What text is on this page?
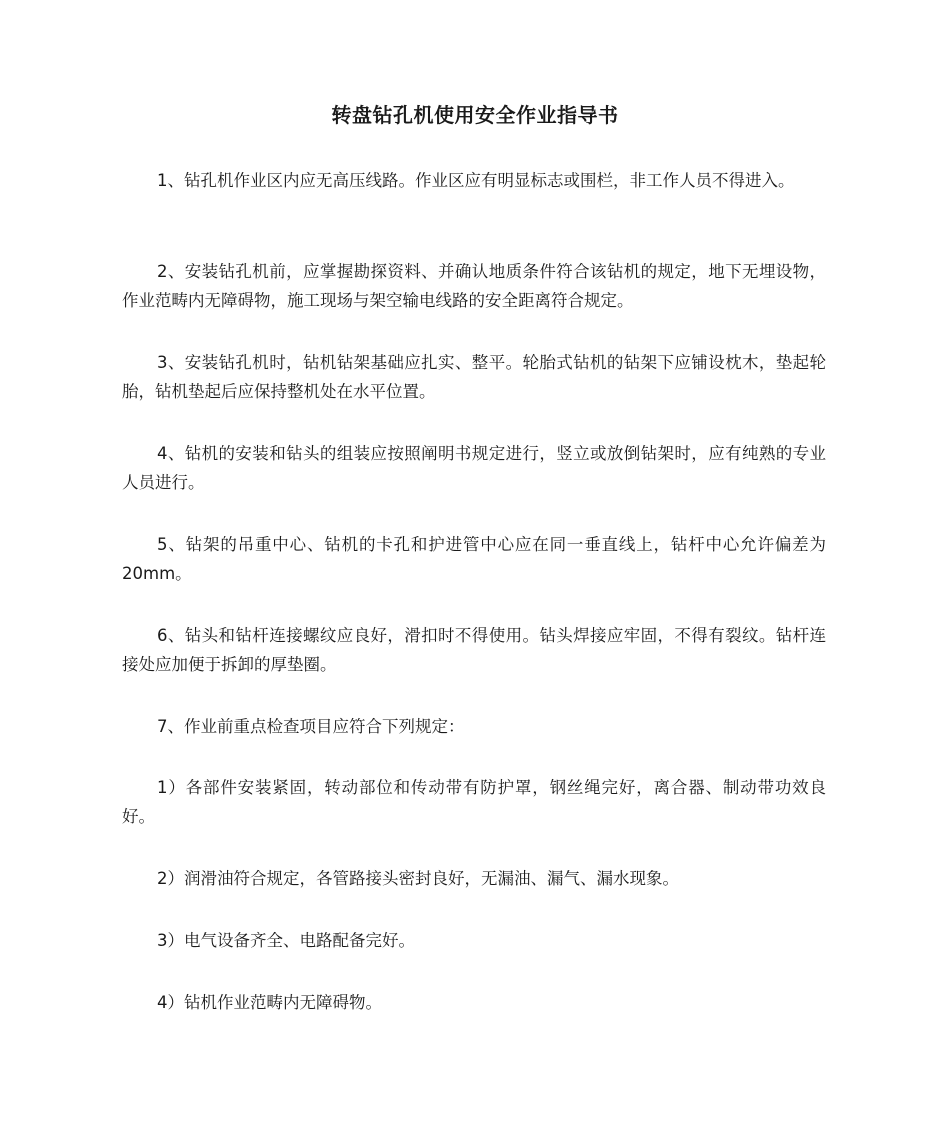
转盘钻孔机使用安全作业指导书

1、钻孔机作业区内应无高压线路。作业区应有明显标志或围栏，非工作人员不得进入。

2、安装钻孔机前，应掌握勘探资料、并确认地质条件符合该钻机的规定，地下无埋设物，作业范畴内无障碍物，施工现场与架空输电线路的安全距离符合规定。

3、安装钻孔机时，钻机钻架基础应扎实、整平。轮胎式钻机的钻架下应铺设枕木，垫起轮胎，钻机垫起后应保持整机处在水平位置。

4、钻机的安装和钻头的组装应按照阐明书规定进行，竖立或放倒钻架时，应有纯熟的专业人员进行。

5、钻架的吊重中心、钻机的卡孔和护进管中心应在同一垂直线上，钻杆中心允许偏差为 20mm。

6、钻头和钻杆连接螺纹应良好，滑扣时不得使用。钻头焊接应牢固，不得有裂纹。钻杆连接处应加便于拆卸的厚垫圈。

7、作业前重点检查项目应符合下列规定：

1）各部件安装紧固，转动部位和传动带有防护罩，钢丝绳完好，离合器、制动带功效良好。

2）润滑油符合规定，各管路接头密封良好，无漏油、漏气、漏水现象。

3）电气设备齐全、电路配备完好。

4）钻机作业范畴内无障碍物。
